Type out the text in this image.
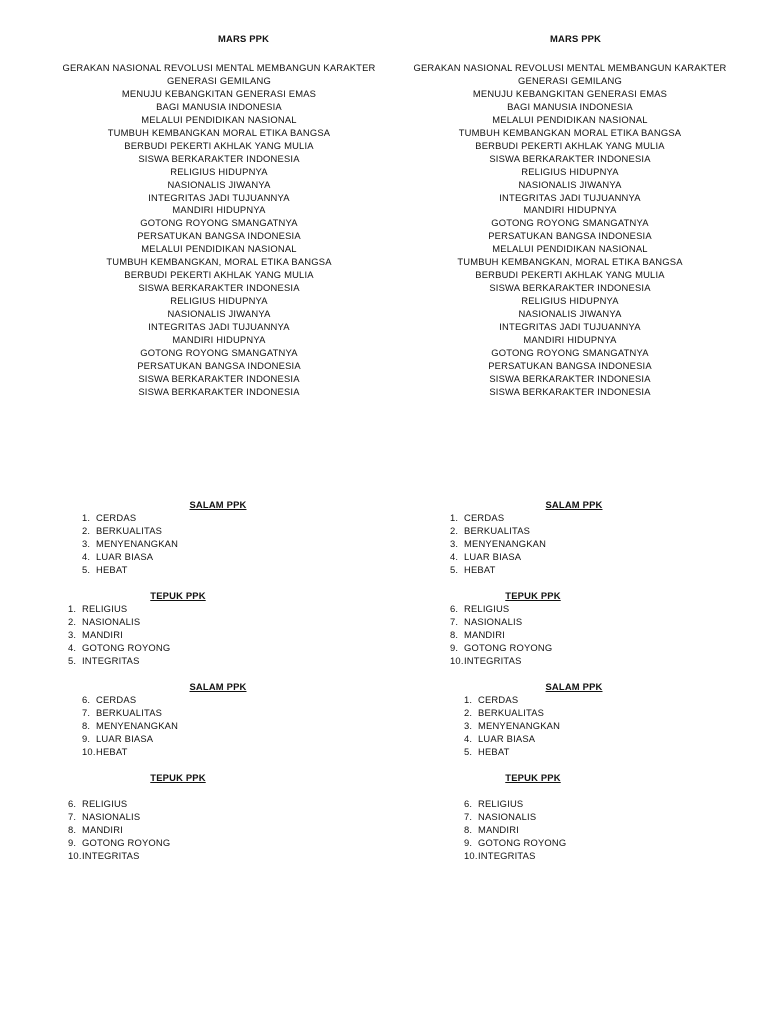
MARS PPK
GERAKAN NASIONAL REVOLUSI MENTAL MEMBANGUN KARAKTER
GENERASI GEMILANG
MENUJU KEBANGKITAN GENERASI EMAS
BAGI MANUSIA INDONESIA
MELALUI PENDIDIKAN NASIONAL
TUMBUH KEMBANGKAN MORAL ETIKA BANGSA
BERBUDI PEKERTI AKHLAK YANG MULIA
SISWA BERKARAKTER INDONESIA
RELIGIUS HIDUPNYA
NASIONALIS JIWANYA
INTEGRITAS JADI TUJUANNYA
MANDIRI HIDUPNYA
GOTONG ROYONG SMANGATNYA
PERSATUKAN BANGSA INDONESIA
MELALUI PENDIDIKAN NASIONAL
TUMBUH KEMBANGKAN, MORAL ETIKA BANGSA
BERBUDI PEKERTI AKHLAK YANG MULIA
SISWA BERKARAKTER INDONESIA
RELIGIUS HIDUPNYA
NASIONALIS JIWANYA
INTEGRITAS JADI TUJUANNYA
MANDIRI HIDUPNYA
GOTONG ROYONG SMANGATNYA
PERSATUKAN BANGSA INDONESIA
SISWA BERKARAKTER INDONESIA
SISWA BERKARAKTER INDONESIA
SALAM PPK
1. CERDAS
2. BERKUALITAS
3. MENYENANGKAN
4. LUAR BIASA
5. HEBAT
TEPUK PPK
1. RELIGIUS
2. NASIONALIS
3. MANDIRI
4. GOTONG ROYONG
5. INTEGRITAS
SALAM PPK
6. CERDAS
7. BERKUALITAS
8. MENYENANGKAN
9. LUAR BIASA
10.HEBAT
TEPUK PPK
6. RELIGIUS
7. NASIONALIS
8. MANDIRI
9. GOTONG ROYONG
10.INTEGRITAS
MARS PPK
GERAKAN NASIONAL REVOLUSI MENTAL MEMBANGUN KARAKTER
GENERASI GEMILANG
MENUJU KEBANGKITAN GENERASI EMAS
BAGI MANUSIA INDONESIA
MELALUI PENDIDIKAN NASIONAL
TUMBUH KEMBANGKAN MORAL ETIKA BANGSA
BERBUDI PEKERTI AKHLAK YANG MULIA
SISWA BERKARAKTER INDONESIA
RELIGIUS HIDUPNYA
NASIONALIS JIWANYA
INTEGRITAS JADI TUJUANNYA
MANDIRI HIDUPNYA
GOTONG ROYONG SMANGATNYA
PERSATUKAN BANGSA INDONESIA
MELALUI PENDIDIKAN NASIONAL
TUMBUH KEMBANGKAN, MORAL ETIKA BANGSA
BERBUDI PEKERTI AKHLAK YANG MULIA
SISWA BERKARAKTER INDONESIA
RELIGIUS HIDUPNYA
NASIONALIS JIWANYA
INTEGRITAS JADI TUJUANNYA
MANDIRI HIDUPNYA
GOTONG ROYONG SMANGATNYA
PERSATUKAN BANGSA INDONESIA
SISWA BERKARAKTER INDONESIA
SISWA BERKARAKTER INDONESIA
SALAM PPK
1. CERDAS
2. BERKUALITAS
3. MENYENANGKAN
4. LUAR BIASA
5. HEBAT
TEPUK PPK
6. RELIGIUS
7. NASIONALIS
8. MANDIRI
9. GOTONG ROYONG
10.INTEGRITAS
SALAM PPK
1. CERDAS
2. BERKUALITAS
3. MENYENANGKAN
4. LUAR BIASA
5. HEBAT
TEPUK PPK
6. RELIGIUS
7. NASIONALIS
8. MANDIRI
9. GOTONG ROYONG
10.INTEGRITAS
